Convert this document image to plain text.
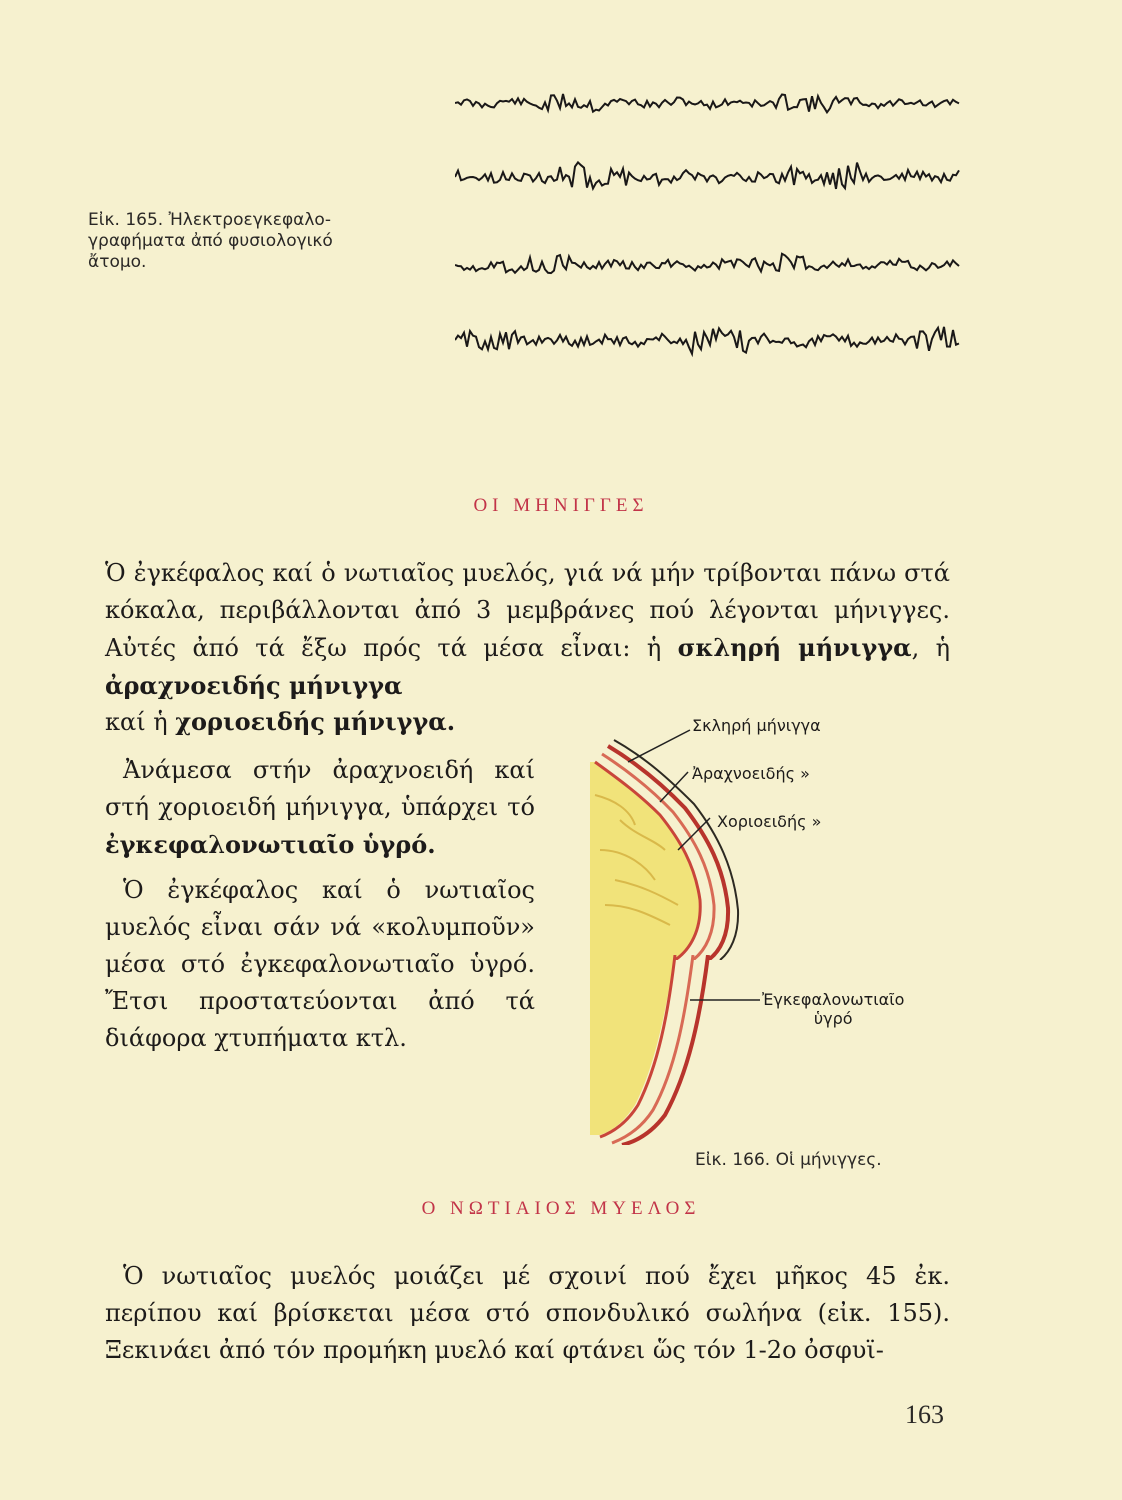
Εἰκ. 165. Ἠλεκτροεγκεφαλο-
γραφήματα ἀπό φυσιολογικό
ἄτομο.
ΟΙ ΜΗΝΙΓΓΕΣ
Ὁ ἐγκέφαλος καί ὁ νωτιαῖος μυελός, γιά νά μήν τρίβονται πάνω στά κόκαλα, περιβάλλονται ἀπό 3 μεμβράνες πού λέγονται μήνιγγες. Αὐτές ἀπό τά ἔξω πρός τά μέσα εἶναι: ἡ σκληρή μήνιγγα, ἡ ἀραχνοειδής μήνιγγα
καί ἡ χοριοειδής μήνιγγα.
Ἀνάμεσα στήν ἀραχνοειδή καί στή χοριοειδή μήνιγγα, ὑπάρχει τό ἐγκεφαλονωτιαῖο ὑγρό.
Ὁ ἐγκέφαλος καί ὁ νωτιαῖος μυελός εἶναι σάν νά «κολυμποῦν» μέσα στό ἐγκεφαλονωτιαῖο ὑγρό. Ἔτσι προστατεύονται ἀπό τά διάφορα χτυπήματα κτλ.
Σκληρή μήνιγγα
Ἀραχνοειδής »
Χοριοειδής »
Ἐγκεφαλονωτιαῖο
ὑγρό
Εἰκ. 166. Οἱ μήνιγγες.
Ο ΝΩΤΙΑΙΟΣ ΜΥΕΛΟΣ
Ὁ νωτιαῖος μυελός μοιάζει μέ σχοινί πού ἔχει μῆκος 45 ἐκ. περίπου καί βρίσκεται μέσα στό σπονδυλικό σωλήνα (εἰκ. 155). Ξεκινάει ἀπό τόν προμήκη μυελό καί φτάνει ὥς τόν 1-2ο ὀσφυϊ-
163
